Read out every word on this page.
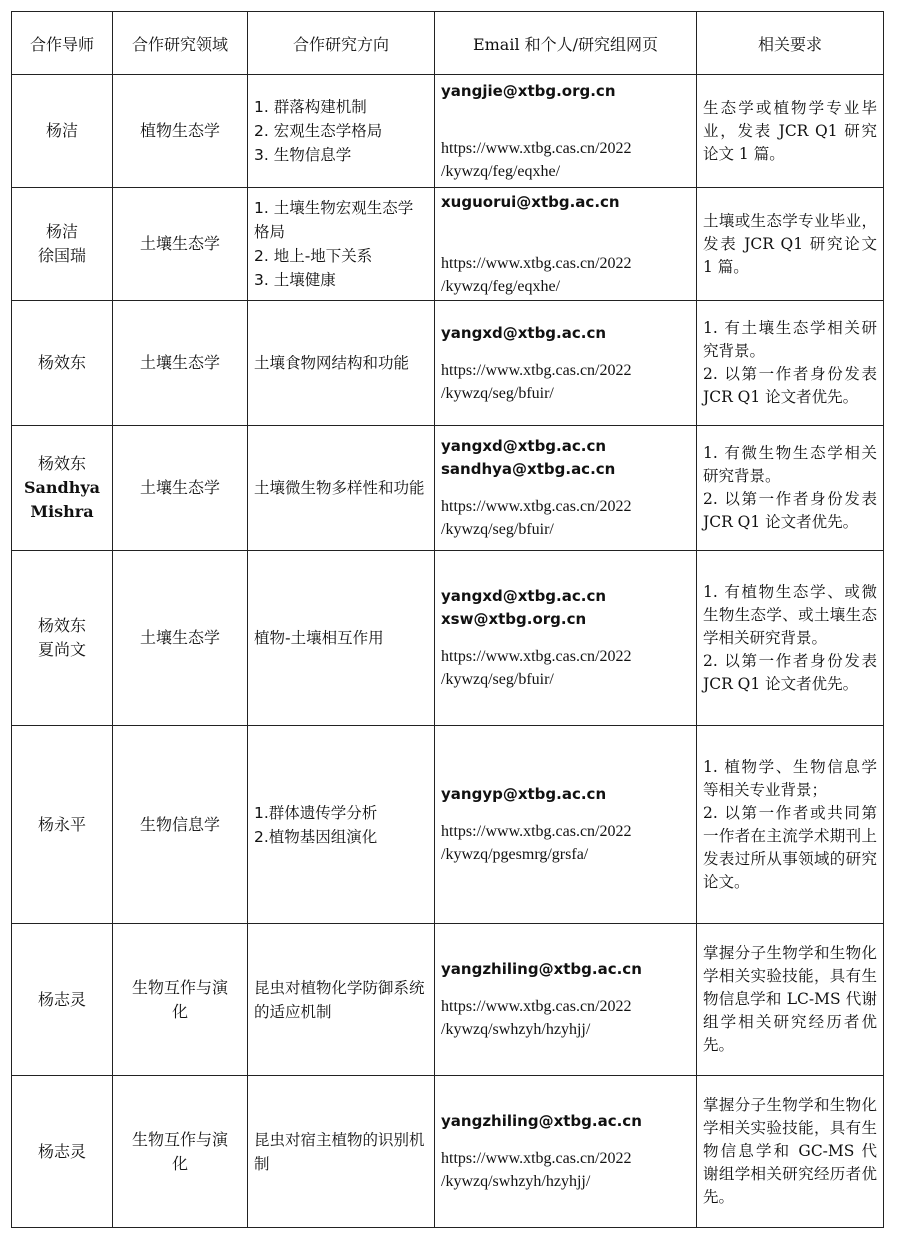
合作导师	合作研究领域	合作研究方向	Email 和个人/研究组网页	相关要求

杨洁	植物生态学	1. 群落构建机制
2. 宏观生态学格局
3. 生物信息学	yangjie@xtbg.org.cn
https://www.xtbg.cas.cn/2022
/kywzq/feg/eqxhe/	生态学或植物学专业毕业，发表 JCR Q1 研究论文 1 篇。

杨洁
徐国瑞	土壤生态学	1. 土壤生物宏观生态学格局
2. 地上-地下关系
3. 土壤健康	xuguorui@xtbg.ac.cn
https://www.xtbg.cas.cn/2022
/kywzq/feg/eqxhe/	土壤或生态学专业毕业，发表 JCR Q1 研究论文 1 篇。

杨效东	土壤生态学	土壤食物网结构和功能	yangxd@xtbg.ac.cn
https://www.xtbg.cas.cn/2022
/kywzq/seg/bfuir/	1. 有土壤生态学相关研究背景。
2. 以第一作者身份发表 JCR Q1 论文者优先。

杨效东
Sandhya
Mishra	土壤生态学	土壤微生物多样性和功能	yangxd@xtbg.ac.cn
sandhya@xtbg.ac.cn
https://www.xtbg.cas.cn/2022
/kywzq/seg/bfuir/	1. 有微生物生态学相关研究背景。
2. 以第一作者身份发表 JCR Q1 论文者优先。

杨效东
夏尚文	土壤生态学	植物-土壤相互作用	yangxd@xtbg.ac.cn
xsw@xtbg.org.cn
https://www.xtbg.cas.cn/2022
/kywzq/seg/bfuir/	1. 有植物生态学、或微生物生态学、或土壤生态学相关研究背景。
2. 以第一作者身份发表 JCR Q1 论文者优先。

杨永平	生物信息学	1.群体遗传学分析
2.植物基因组演化	yangyp@xtbg.ac.cn
https://www.xtbg.cas.cn/2022
/kywzq/pgesmrg/grsfa/	1. 植物学、生物信息学等相关专业背景；
2. 以第一作者或共同第一作者在主流学术期刊上发表过所从事领域的研究论文。

杨志灵	生物互作与演
化	昆虫对植物化学防御系统的适应机制	yangzhiling@xtbg.ac.cn
https://www.xtbg.cas.cn/2022
/kywzq/swhzyh/hzyhjj/	掌握分子生物学和生物化学相关实验技能，具有生物信息学和 LC-MS 代谢组学相关研究经历者优先。

杨志灵	生物互作与演
化	昆虫对宿主植物的识别机制	yangzhiling@xtbg.ac.cn
https://www.xtbg.cas.cn/2022
/kywzq/swhzyh/hzyhjj/	掌握分子生物学和生物化学相关实验技能，具有生物信息学和 GC-MS 代谢组学相关研究经历者优先。
